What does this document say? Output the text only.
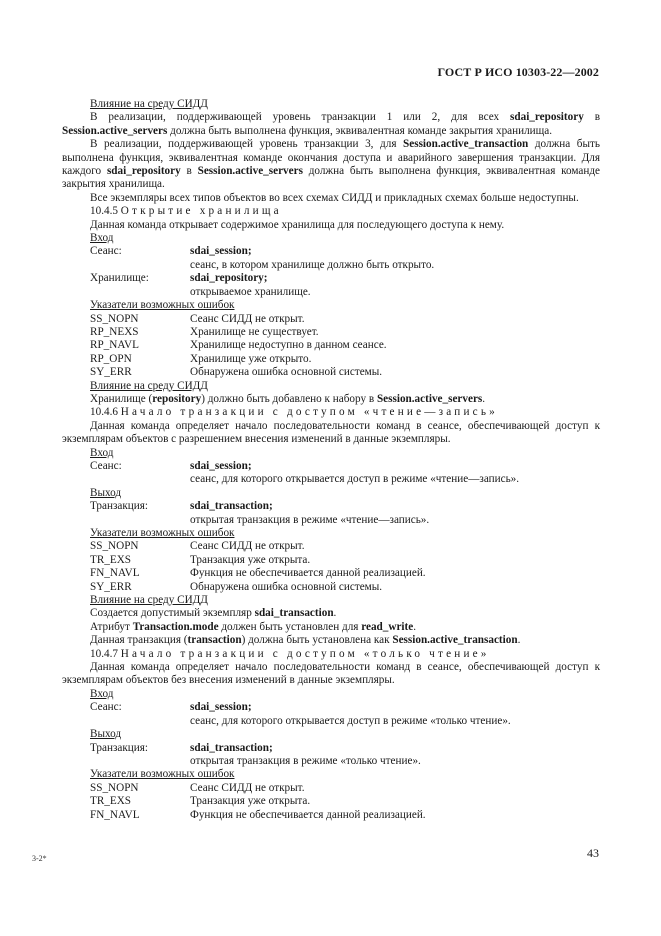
ГОСТ Р ИСО 10303-22—2002

Влияние на среду СИДД

В реализации, поддерживающей уровень транзакции 1 или 2, для всех sdai_repository в Session.active_servers должна быть выполнена функция, эквивалентная команде закрытия хранилища.

В реализации, поддерживающей уровень транзакции 3, для Session.active_transaction должна быть выполнена функция, эквивалентная команде окончания доступа и аварийного завершения транзакции. Для каждого sdai_repository в Session.active_servers должна быть выполнена функция, эквивалентная команде закрытия хранилища.

Все экземпляры всех типов объектов во всех схемах СИДД и прикладных схемах больше недоступны.

10.4.5 Открытие хранилища

Данная команда открывает содержимое хранилища для последующего доступа к нему.

Вход

Сеанс:	sdai_session;

сеанс, в котором хранилище должно быть открыто.

Хранилище:	sdai_repository;

открываемое хранилище.

Указатели возможных ошибок

SS_NOPN	Сеанс СИДД не открыт.
RP_NEXS	Хранилище не существует.
RP_NAVL	Хранилище недоступно в данном сеансе.
RP_OPN	Хранилище уже открыто.
SY_ERR	Обнаружена ошибка основной системы.

Влияние на среду СИДД

Хранилище (repository) должно быть добавлено к набору в Session.active_servers.

10.4.6 Начало транзакции с доступом «чтение—запись»

Данная команда определяет начало последовательности команд в сеансе, обеспечивающей доступ к экземплярам объектов с разрешением внесения изменений в данные экземпляры.

Вход

Сеанс:	sdai_session;

сеанс, для которого открывается доступ в режиме «чтение—запись».

Выход

Транзакция:	sdai_transaction;

открытая транзакция в режиме «чтение—запись».

Указатели возможных ошибок

SS_NOPN	Сеанс СИДД не открыт.
TR_EXS	Транзакция уже открыта.
FN_NAVL	Функция не обеспечивается данной реализацией.
SY_ERR	Обнаружена ошибка основной системы.

Влияние на среду СИДД

Создается допустимый экземпляр sdai_transaction.

Атрибут Transaction.mode должен быть установлен для read_write.

Данная транзакция (transaction) должна быть установлена как Session.active_transaction.

10.4.7 Начало транзакции с доступом «только чтение»

Данная команда определяет начало последовательности команд в сеансе, обеспечивающей доступ к экземплярам объектов без внесения изменений в данные экземпляры.

Вход

Сеанс:	sdai_session;

сеанс, для которого открывается доступ в режиме «только чтение».

Выход

Транзакция:	sdai_transaction;

открытая транзакция в режиме «только чтение».

Указатели возможных ошибок

SS_NOPN	Сеанс СИДД не открыт.
TR_EXS	Транзакция уже открыта.
FN_NAVL	Функция не обеспечивается данной реализацией.
3-2*	43
